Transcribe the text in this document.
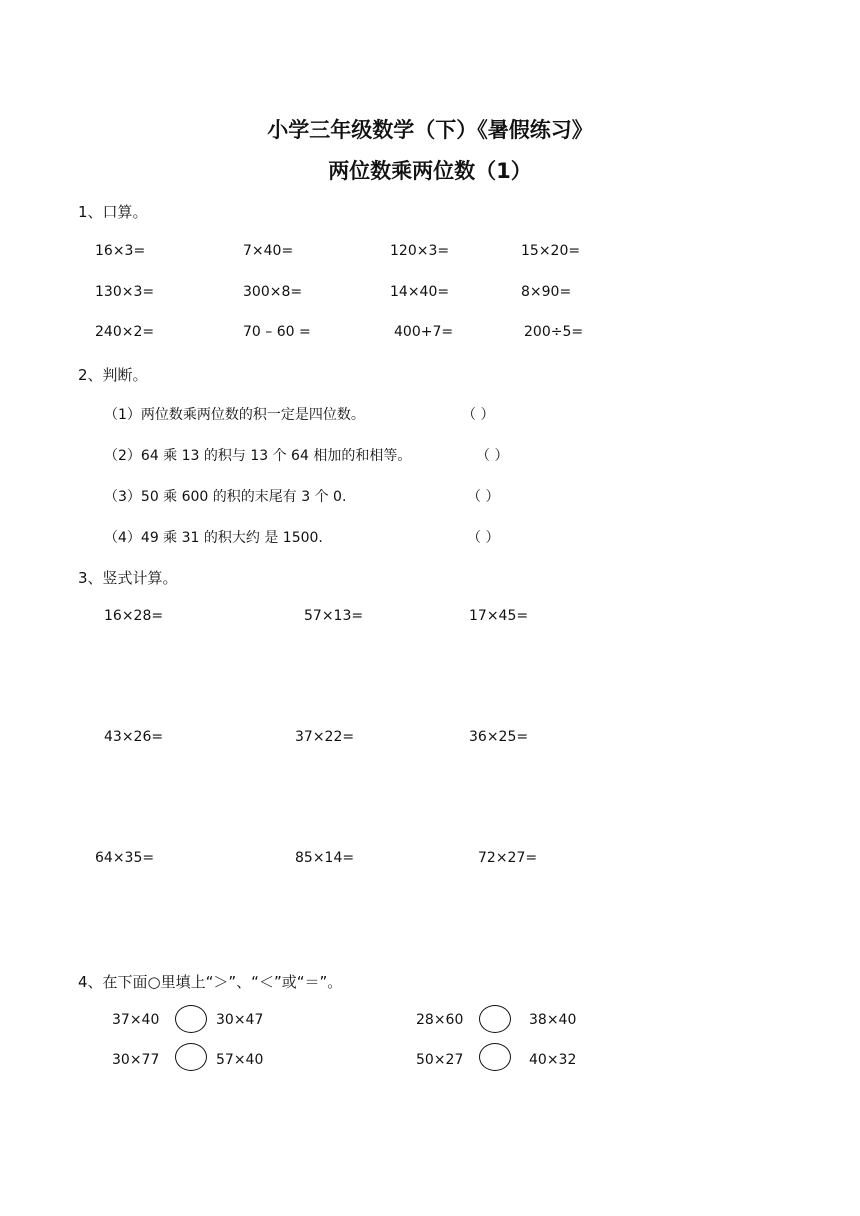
小学三年级数学（下）《暑假练习》
两位数乘两位数（1）
1、口算。
16×3=	7×40=	120×3=	15×20=
130×3=	300×8=	14×40=	8×90=
240×2=	70 – 60 =	400+7=	200÷5=
2、判断。
（1）两位数乘两位数的积一定是四位数。	（ ）
（2）64 乘 13 的积与 13 个 64 相加的和相等。	（ ）
（3）50 乘 600 的积的末尾有 3 个 0.	（ ）
（4）49 乘 31 的积大约 是 1500.	（ ）
3、竖式计算。
16×28=	57×13=	17×45=
43×26=	37×22=	36×25=
64×35=	85×14=	72×27=
4、在下面○里填上“＞”、“＜”或“＝”。
37×40	30×47	28×60	38×40
30×77	57×40	50×27	40×32
